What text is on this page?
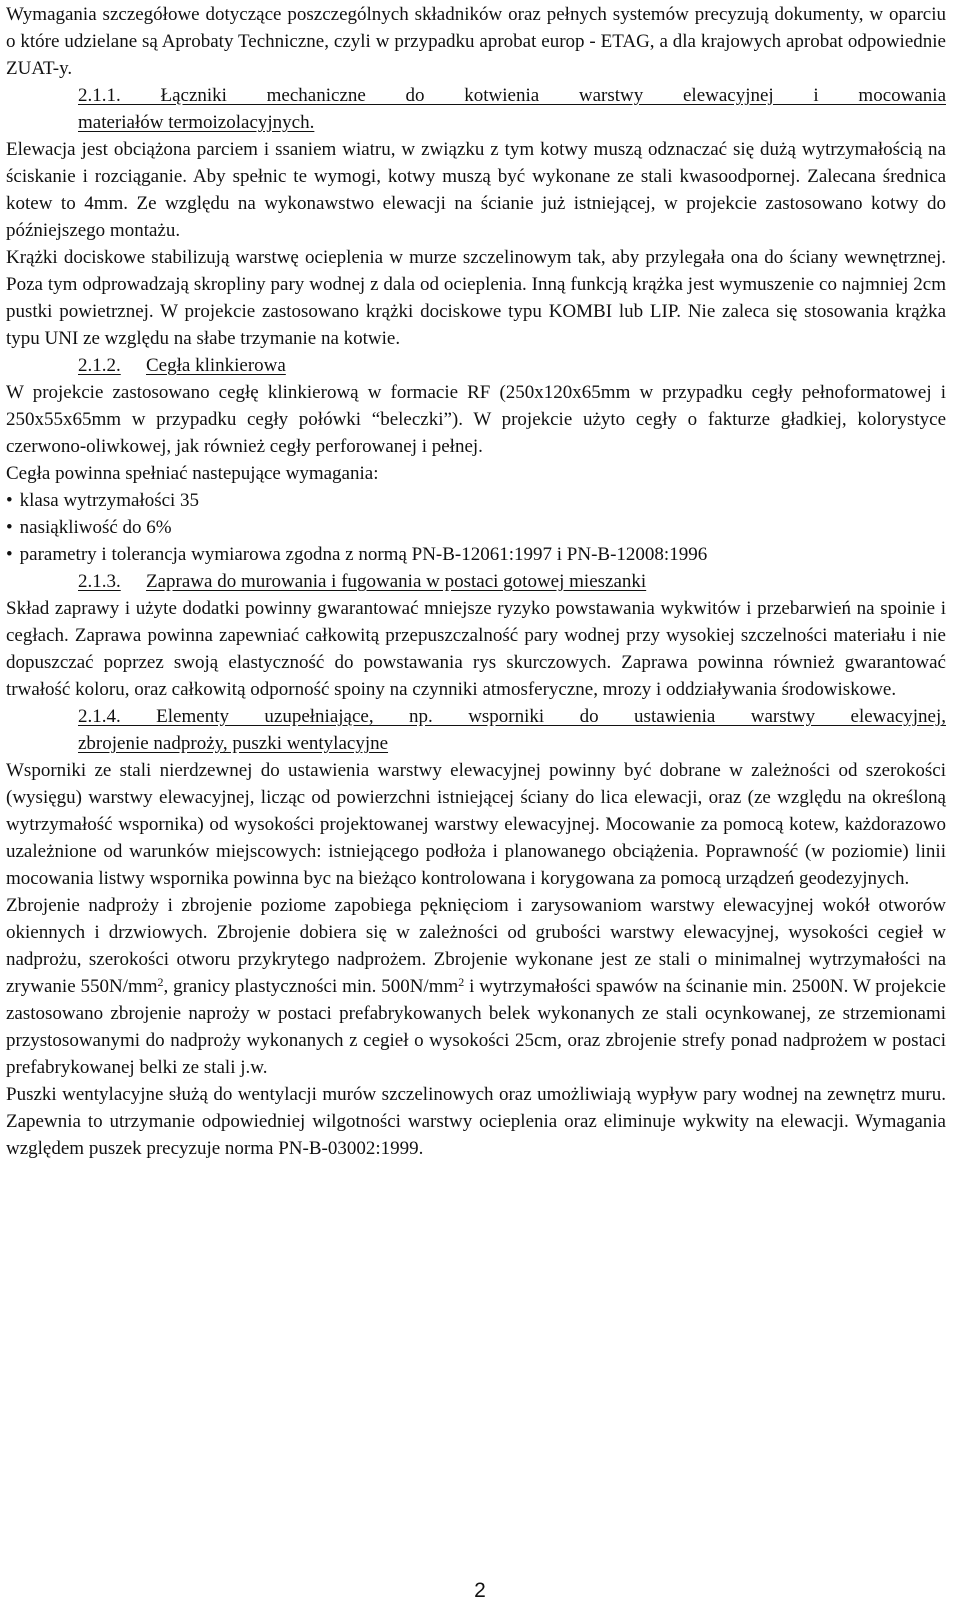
Wymagania szczegółowe dotyczące poszczególnych składników oraz pełnych systemów precyzują dokumenty, w oparciu o które udzielane są Aprobaty Techniczne, czyli w przypadku aprobat europ - ETAG, a dla krajowych aprobat odpowiednie ZUAT-y.

2.1.1. Łączniki mechaniczne do kotwienia warstwy elewacyjnej i mocowania

materiałów termoizolacyjnych.

Elewacja jest obciążona parciem i ssaniem wiatru, w związku z tym kotwy muszą odznaczać się dużą wytrzymałością na ściskanie i rozciąganie. Aby spełnic te wymogi, kotwy muszą być wykonane ze stali kwasoodpornej. Zalecana średnica kotew to 4mm. Ze względu na wykonawstwo elewacji na ścianie już istniejącej, w projekcie zastosowano kotwy do późniejszego montażu.

Krążki dociskowe stabilizują warstwę ocieplenia w murze szczelinowym tak, aby przylegała ona do ściany wewnętrznej. Poza tym odprowadzają skropliny pary wodnej z dala od ocieplenia. Inną funkcją krążka jest wymuszenie co najmniej 2cm pustki powietrznej. W projekcie zastosowano krążki dociskowe typu KOMBI lub LIP. Nie zaleca się stosowania krążka typu UNI ze względu na słabe trzymanie na kotwie.

2.1.2. Cegła klinkierowa

W projekcie zastosowano cegłę klinkierową w formacie RF (250x120x65mm w przypadku cegły pełnoformatowej i 250x55x65mm w przypadku cegły połówki “beleczki”). W projekcie użyto cegły o fakturze gładkiej, kolorystyce czerwono-oliwkowej, jak również cegły perforowanej i pełnej.

Cegła powinna spełniać nastepujące wymagania:

• klasa wytrzymałości 35
• nasiąkliwość do 6%
• parametry i tolerancja wymiarowa zgodna z normą PN-B-12061:1997 i PN-B-12008:1996

2.1.3. Zaprawa do murowania i fugowania w postaci gotowej mieszanki

Skład zaprawy i użyte dodatki powinny gwarantować mniejsze ryzyko powstawania wykwitów i przebarwień na spoinie i cegłach. Zaprawa powinna zapewniać całkowitą przepuszczalność pary wodnej przy wysokiej szczelności materiału i nie dopuszczać poprzez swoją elastyczność do powstawania rys skurczowych. Zaprawa powinna również gwarantować trwałość koloru, oraz całkowitą odporność spoiny na czynniki atmosferyczne, mrozy i oddziaływania środowiskowe.

2.1.4. Elementy uzupełniające, np. wsporniki do ustawienia warstwy elewacyjnej,

zbrojenie nadproży, puszki wentylacyjne

Wsporniki ze stali nierdzewnej do ustawienia warstwy elewacyjnej powinny być dobrane w zależności od szerokości (wysięgu) warstwy elewacyjnej, licząc od powierzchni istniejącej ściany do lica elewacji, oraz (ze względu na określoną wytrzymałość wspornika) od wysokości projektowanej warstwy elewacyjnej. Mocowanie za pomocą kotew, każdorazowo uzależnione od warunków miejscowych: istniejącego podłoża i planowanego obciążenia. Poprawność (w poziomie) linii mocowania listwy wspornika powinna byc na bieżąco kontrolowana i korygowana za pomocą urządzeń geodezyjnych.

Zbrojenie nadproży i zbrojenie poziome zapobiega pęknięciom i zarysowaniom warstwy elewacyjnej wokół otworów okiennych i drzwiowych. Zbrojenie dobiera się w zależności od grubości warstwy elewacyjnej, wysokości cegieł w nadprożu, szerokości otworu przykrytego nadprożem. Zbrojenie wykonane jest ze stali o minimalnej wytrzymałości na zrywanie $550N/mm^2$, granicy plastyczności min. $500N/mm^2$ i wytrzymałości spawów na ścinanie min. 2500N. W projekcie zastosowano zbrojenie naproży w postaci prefabrykowanych belek wykonanych ze stali ocynkowanej, ze strzemionami przystosowanymi do nadproży wykonanych z cegieł o wysokości 25cm, oraz zbrojenie strefy ponad nadprożem w postaci prefabrykowanej belki ze stali j.w.

Puszki wentylacyjne służą do wentylacji murów szczelinowych oraz umożliwiają wypływ pary wodnej na zewnętrz muru. Zapewnia to utrzymanie odpowiedniej wilgotności warstwy ocieplenia oraz eliminuje wykwity na elewacji. Wymagania względem puszek precyzuje norma PN-B-03002:1999.

2
